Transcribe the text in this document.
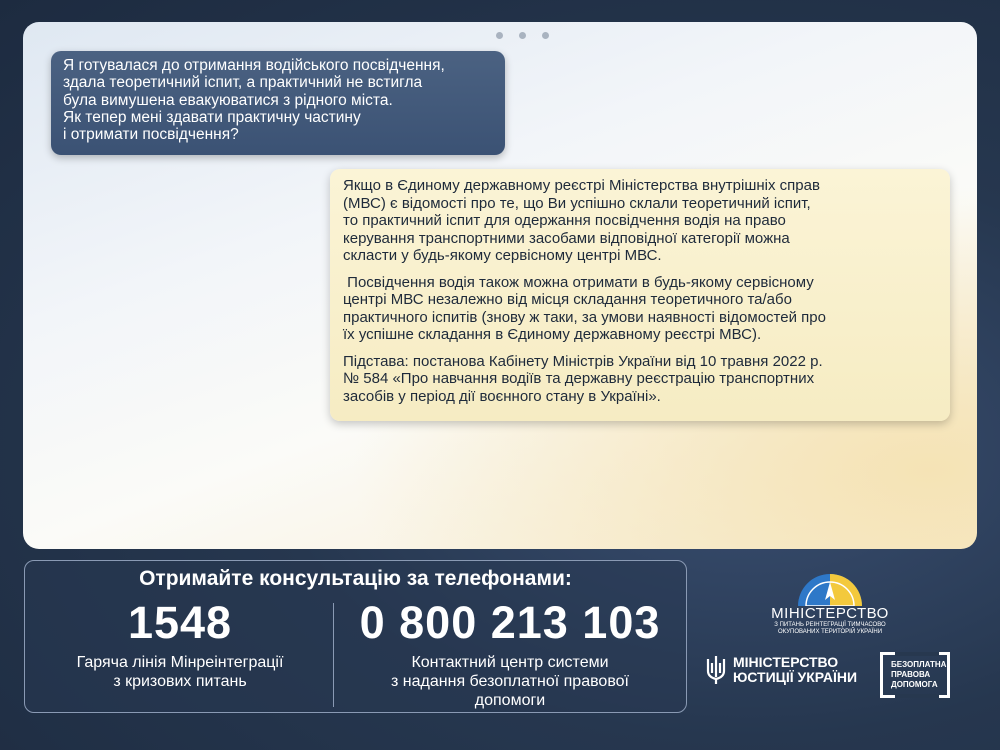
Я готувалася до отримання водійського посвідчення,
здала теоретичний іспит, а практичний не встигла
була вимушена евакуюватися з рідного міста.
Як тепер мені здавати практичну частину
і отримати посвідчення?

Якщо в Єдиному державному реєстрі Міністерства внутрішніх справ
(МВС) є відомості про те, що Ви успішно склали теоретичний іспит,
то практичний іспит для одержання посвідчення водія на право
керування транспортними засобами відповідної категорії можна
скласти у будь-якому сервісному центрі МВС.

Посвідчення водія також можна отримати в будь-якому сервісному
центрі МВС незалежно від місця складання теоретичного та/або
практичного іспитів (знову ж таки, за умови наявності відомостей про
їх успішне складання в Єдиному державному реєстрі МВС).

Підстава: постанова Кабінету Міністрів України від 10 травня 2022 р.
№ 584 «Про навчання водіїв та державну реєстрацію транспортних
засобів у період дії воєнного стану в Україні».

Отримайте консультацію за телефонами:
1548
Гаряча лінія Мінреінтеграції
з кризових питань
0 800 213 103
Контактний центр системи
з надання безоплатної правової
допомоги
МІНІСТЕРСТВО
З ПИТАНЬ РЕІНТЕГРАЦІЇ ТИМЧАСОВО
ОКУПОВАНИХ ТЕРИТОРІЙ УКРАЇНИ
МІНІСТЕРСТВО
ЮСТИЦІЇ УКРАЇНИ
БЕЗОПЛАТНА
ПРАВОВА
ДОПОМОГА
